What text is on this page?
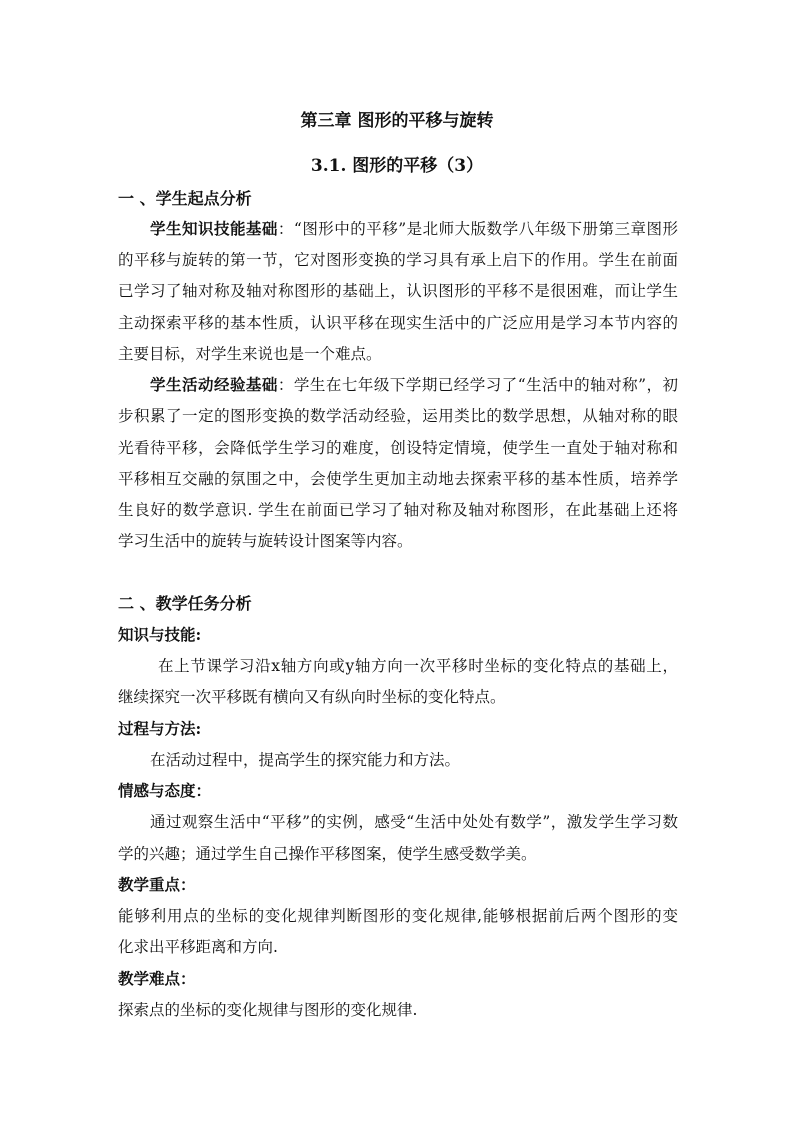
第三章 图形的平移与旋转
3.1. 图形的平移（3）
一 、学生起点分析
学生知识技能基础：“图形中的平移”是北师大版数学八年级下册第三章图形
的平移与旋转的第一节，它对图形变换的学习具有承上启下的作用。学生在前面
已学习了轴对称及轴对称图形的基础上，认识图形的平移不是很困难，而让学生
主动探索平移的基本性质，认识平移在现实生活中的广泛应用是学习本节内容的
主要目标，对学生来说也是一个难点。
学生活动经验基础：学生在七年级下学期已经学习了“生活中的轴对称”，初
步积累了一定的图形变换的数学活动经验，运用类比的数学思想，从轴对称的眼
光看待平移，会降低学生学习的难度，创设特定情境，使学生一直处于轴对称和
平移相互交融的氛围之中，会使学生更加主动地去探索平移的基本性质，培养学
生良好的数学意识. 学生在前面已学习了轴对称及轴对称图形，在此基础上还将
学习生活中的旋转与旋转设计图案等内容。
二 、教学任务分析
知识与技能:
在上节课学习沿x轴方向或y轴方向一次平移时坐标的变化特点的基础上，
继续探究一次平移既有横向又有纵向时坐标的变化特点。
过程与方法:
在活动过程中，提高学生的探究能力和方法。
情感与态度：
通过观察生活中“平移”的实例，感受“生活中处处有数学”，激发学生学习数
学的兴趣；通过学生自己操作平移图案，使学生感受数学美。
教学重点：
能够利用点的坐标的变化规律判断图形的变化规律,能够根据前后两个图形的变
化求出平移距离和方向.
教学难点：
探索点的坐标的变化规律与图形的变化规律.
